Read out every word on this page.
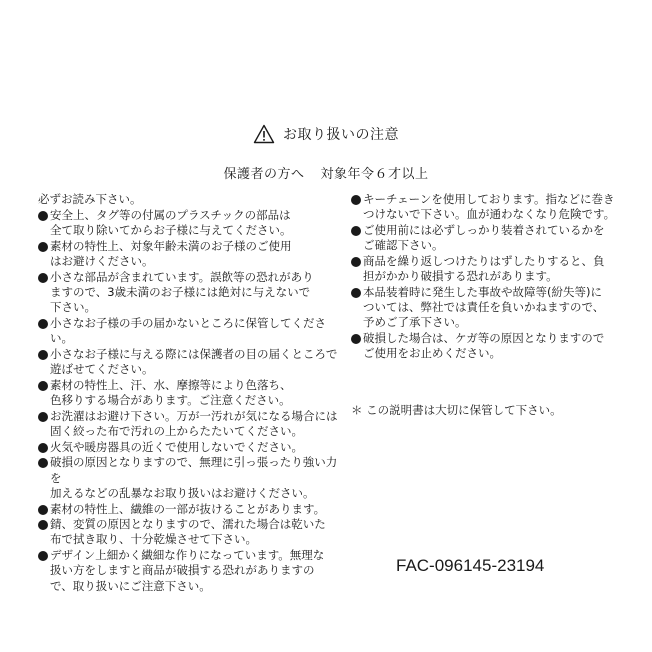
お取り扱いの注意
保護者の方へ 対象年令６才以上
必ずお読み下さい。
安全上、タグ等の付属のプラスチックの部品は
全て取り除いてからお子様に与えてください。
素材の特性上、対象年齢未満のお子様のご使用
はお避けください。
小さな部品が含まれています。誤飲等の恐れがあり
ますので、3歳未満のお子様には絶対に与えないで
下さい。
小さなお子様の手の届かないところに保管してください。
小さなお子様に与える際には保護者の目の届くところで
遊ばせてください。
素材の特性上、汗、水、摩擦等により色落ち、
色移りする場合があります。ご注意ください。
お洗濯はお避け下さい。万が一汚れが気になる場合には
固く絞った布で汚れの上からたたいてください。
火気や暖房器具の近くで使用しないでください。
破損の原因となりますので、無理に引っ張ったり強い力を
加えるなどの乱暴なお取り扱いはお避けください。
素材の特性上、繊維の一部が抜けることがあります。
錆、変質の原因となりますので、濡れた場合は乾いた
布で拭き取り、十分乾燥させて下さい。
デザイン上細かく繊細な作りになっています。無理な
扱い方をしますと商品が破損する恐れがありますの
で、取り扱いにご注意下さい。
キーチェーンを使用しております。指などに巻き
つけないで下さい。血が通わなくなり危険です。
ご使用前には必ずしっかり装着されているかを
ご確認下さい。
商品を繰り返しつけたりはずしたりすると、負
担がかかり破損する恐れがあります。
本品装着時に発生した事故や故障等(紛失等)に
ついては、弊社では責任を負いかねますので、
予めご了承下さい。
破損した場合は、ケガ等の原因となりますので
ご使用をお止めください。
＊ この説明書は大切に保管して下さい。
FAC-096145-23194
